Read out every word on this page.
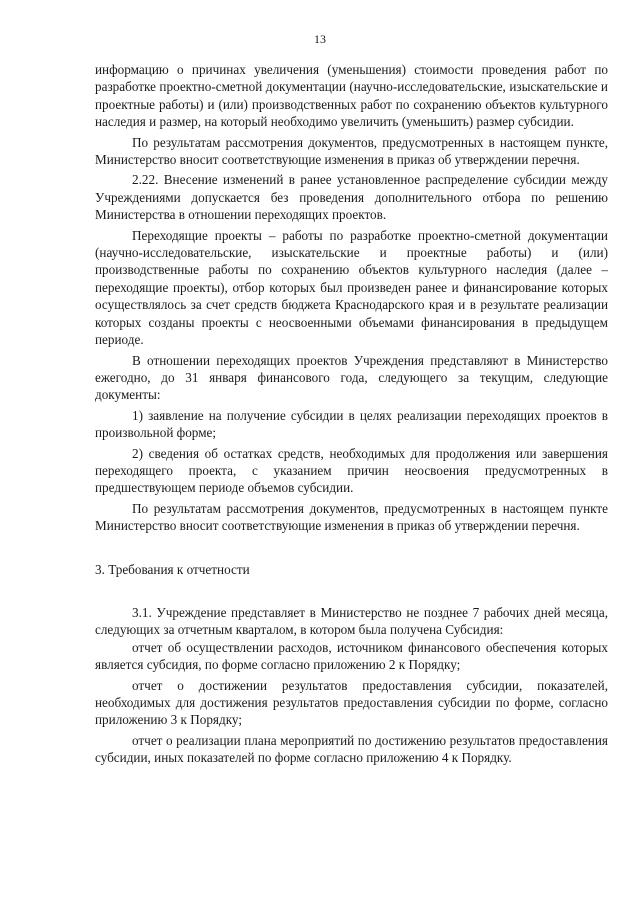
13

информацию о причинах увеличения (уменьшения) стоимости проведения работ по разработке проектно-сметной документации (научно-исследовательские, изыскательские и проектные работы) и (или) производственных работ по сохранению объектов культурного наследия и размер, на который необходимо увеличить (уменьшить) размер субсидии.

По результатам рассмотрения документов, предусмотренных в настоящем пункте, Министерство вносит соответствующие изменения в приказ об утверждении перечня.

2.22. Внесение изменений в ранее установленное распределение субсидии между Учреждениями допускается без проведения дополнительного отбора по решению Министерства в отношении переходящих проектов.

Переходящие проекты – работы по разработке проектно-сметной документации (научно-исследовательские, изыскательские и проектные работы) и (или) производственные работы по сохранению объектов культурного наследия (далее – переходящие проекты), отбор которых был произведен ранее и финансирование которых осуществлялось за счет средств бюджета Краснодарского края и в результате реализации которых созданы проекты с неосвоенными объемами финансирования в предыдущем периоде.

В отношении переходящих проектов Учреждения представляют в Министерство ежегодно, до 31 января финансового года, следующего за текущим, следующие документы:

1) заявление на получение субсидии в целях реализации переходящих проектов в произвольной форме;

2) сведения об остатках средств, необходимых для продолжения или завершения переходящего проекта, с указанием причин неосвоения предусмотренных в предшествующем периоде объемов субсидии.

По результатам рассмотрения документов, предусмотренных в настоящем пункте Министерство вносит соответствующие изменения в приказ об утверждении перечня.

3. Требования к отчетности

3.1. Учреждение представляет в Министерство не позднее 7 рабочих дней месяца, следующих за отчетным кварталом, в котором была получена Субсидия:

отчет об осуществлении расходов, источником финансового обеспечения которых является субсидия, по форме согласно приложению 2 к Порядку;

отчет о достижении результатов предоставления субсидии, показателей, необходимых для достижения результатов предоставления субсидии по форме, согласно приложению 3 к Порядку;

отчет о реализации плана мероприятий по достижению результатов предоставления субсидии, иных показателей по форме согласно приложению 4 к Порядку.
